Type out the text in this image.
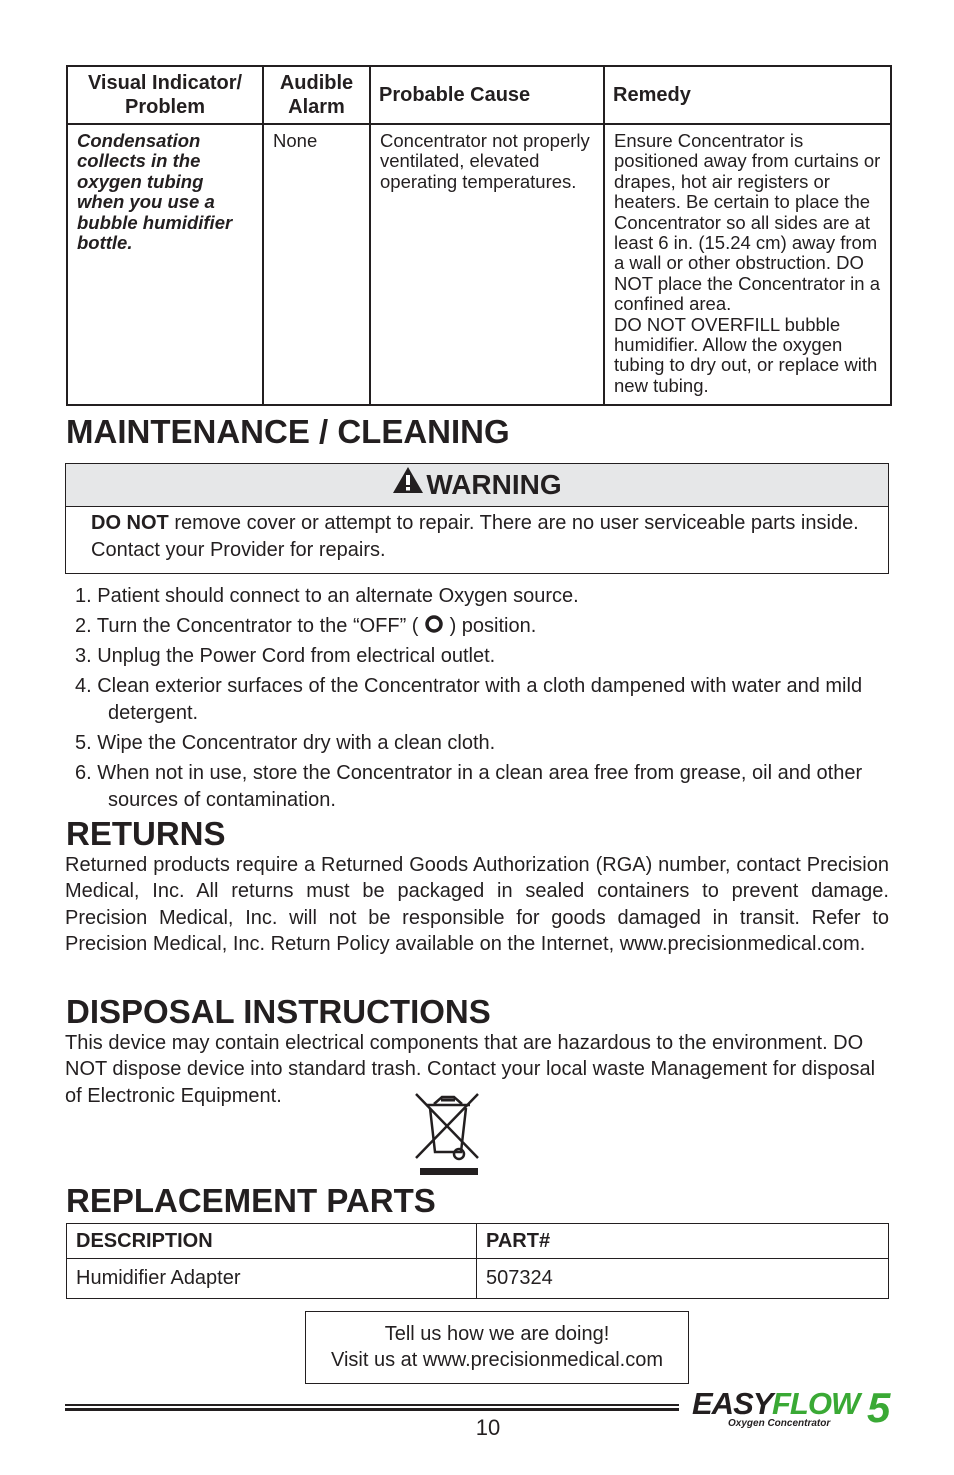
Visual Indicator/ Problem	Audible Alarm	Probable Cause	Remedy
Condensation collects in the oxygen tubing when you use a bubble humidifier bottle.	None	Concentrator not properly ventilated, elevated operating temperatures.	Ensure Concentrator is positioned away from curtains or drapes, hot air registers or heaters. Be certain to place the Concentrator so all sides are at least 6 in. (15.24 cm) away from a wall or other obstruction. DO NOT place the Concentrator in a confined area.
DO NOT OVERFILL bubble humidifier. Allow the oxygen tubing to dry out, or replace with new tubing.
MAINTENANCE / CLEANING
WARNING
DO NOT remove cover or attempt to repair. There are no user serviceable parts inside. Contact your Provider for repairs.
1. Patient should connect to an alternate Oxygen source.
2. Turn the Concentrator to the “OFF” ( ) position.
3. Unplug the Power Cord from electrical outlet.
4. Clean exterior surfaces of the Concentrator with a cloth dampened with water and mild detergent.
5. Wipe the Concentrator dry with a clean cloth.
6. When not in use, store the Concentrator in a clean area free from grease, oil and other sources of contamination.
RETURNS

Returned products require a Returned Goods Authorization (RGA) number, contact Precision Medical, Inc. All returns must be packaged in sealed containers to prevent damage. Precision Medical, Inc. will not be responsible for goods damaged in transit. Refer to Precision Medical, Inc. Return Policy available on the Internet, www.precisionmedical.com.

DISPOSAL INSTRUCTIONS

This device may contain electrical components that are hazardous to the environment. DO NOT dispose device into standard trash. Contact your local waste Management for disposal of Electronic Equipment.

REPLACEMENT PARTS
DESCRIPTION	PART#
Humidifier Adapter	507324
Tell us how we are doing!
Visit us at www.precisionmedical.com
10
EASY FLOW 5
Oxygen Concentrator
